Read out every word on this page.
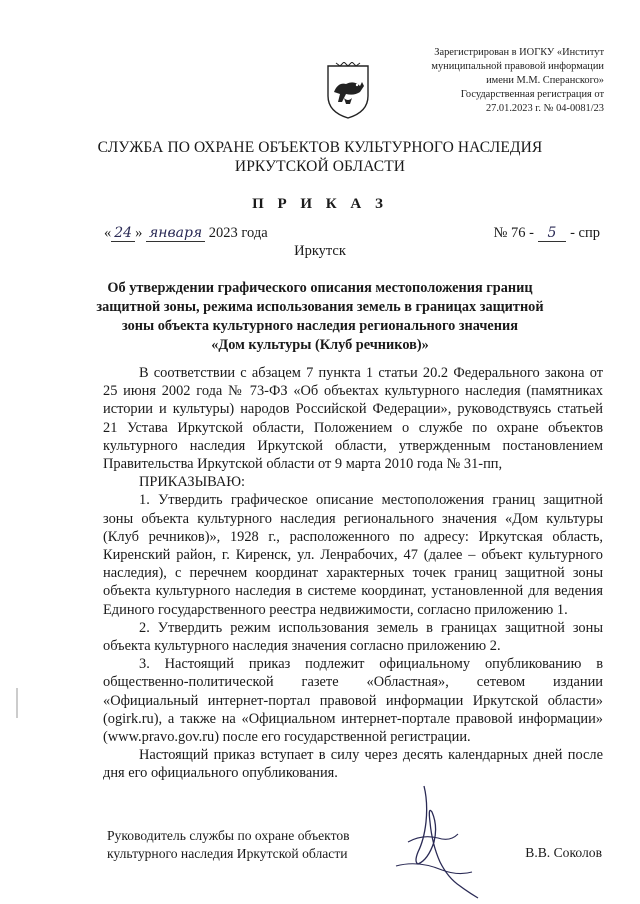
Зарегистрирован в ИОГКУ «Институт
муниципальной правовой информации
имени М.М. Сперанского»
Государственная регистрация от
27.01.2023 г. № 04-0081/23
СЛУЖБА ПО ОХРАНЕ ОБЪЕКТОВ КУЛЬТУРНОГО НАСЛЕДИЯ
ИРКУТСКОЙ ОБЛАСТИ
П Р И К А З
« 24 » января 2023 года	№ 76 - 5 - спр
Иркутск
Об утверждении графического описания местоположения границ
защитной зоны, режима использования земель в границах защитной
зоны объекта культурного наследия регионального значения
«Дом культуры (Клуб речников)»

В соответствии с абзацем 7 пункта 1 статьи 20.2 Федерального закона от 25 июня 2002 года № 73-ФЗ «Об объектах культурного наследия (памятниках истории и культуры) народов Российской Федерации», руководствуясь статьей 21 Устава Иркутской области, Положением о службе по охране объектов культурного наследия Иркутской области, утвержденным постановлением Правительства Иркутской области от 9 марта 2010 года № 31-пп,

ПРИКАЗЫВАЮ:

1. Утвердить графическое описание местоположения границ защитной зоны объекта культурного наследия регионального значения «Дом культуры (Клуб речников)», 1928 г., расположенного по адресу: Иркутская область, Киренский район, г. Киренск, ул. Ленрабочих, 47 (далее – объект культурного наследия), с перечнем координат характерных точек границ защитной зоны объекта культурного наследия в системе координат, установленной для ведения Единого государственного реестра недвижимости, согласно приложению 1.

2. Утвердить режим использования земель в границах защитной зоны объекта культурного наследия значения согласно приложению 2.

3. Настоящий приказ подлежит официальному опубликованию в общественно-политической газете «Областная», сетевом издании «Официальный интернет-портал правовой информации Иркутской области» (ogirk.ru), а также на «Официальном интернет-портале правовой информации» (www.pravo.gov.ru) после его государственной регистрации.

Настоящий приказ вступает в силу через десять календарных дней после дня его официального опубликования.

Руководитель службы по охране объектов
культурного наследия Иркутской области	В.В. Соколов
